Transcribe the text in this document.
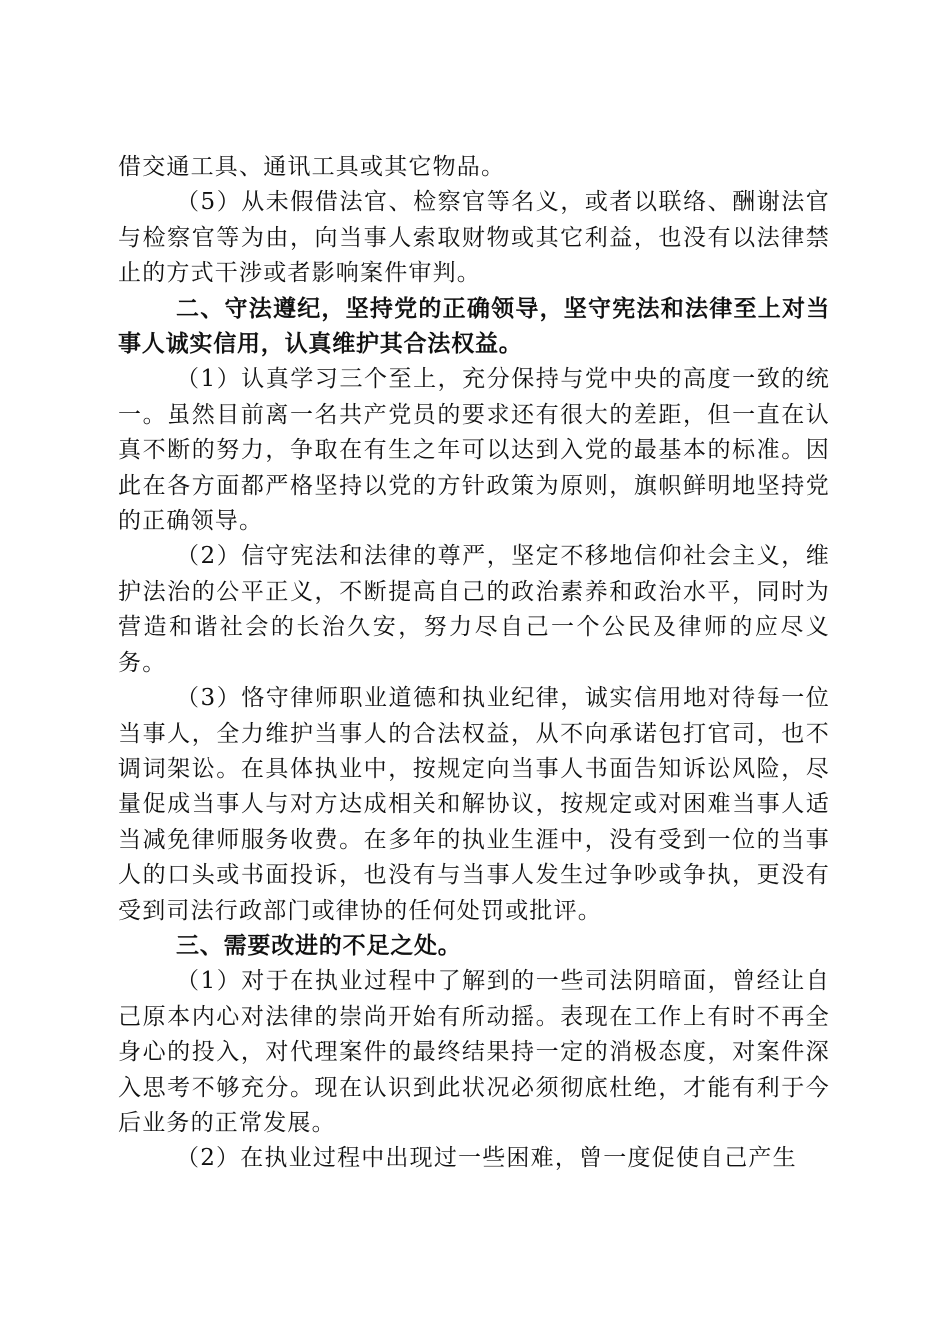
借交通工具、通讯工具或其它物品。

（5）从未假借法官、检察官等名义，或者以联络、酬谢法官与检察官等为由，向当事人索取财物或其它利益，也没有以法律禁止的方式干涉或者影响案件审判。

二、守法遵纪，坚持党的正确领导，坚守宪法和法律至上对当事人诚实信用，认真维护其合法权益。

（1）认真学习三个至上，充分保持与党中央的高度一致的统一。虽然目前离一名共产党员的要求还有很大的差距，但一直在认真不断的努力，争取在有生之年可以达到入党的最基本的标准。因此在各方面都严格坚持以党的方针政策为原则，旗帜鲜明地坚持党的正确领导。

（2）信守宪法和法律的尊严，坚定不移地信仰社会主义，维护法治的公平正义，不断提高自己的政治素养和政治水平，同时为营造和谐社会的长治久安，努力尽自己一个公民及律师的应尽义务。

（3）恪守律师职业道德和执业纪律，诚实信用地对待每一位当事人，全力维护当事人的合法权益，从不向承诺包打官司，也不调词架讼。在具体执业中，按规定向当事人书面告知诉讼风险，尽量促成当事人与对方达成相关和解协议，按规定或对困难当事人适当减免律师服务收费。在多年的执业生涯中，没有受到一位的当事人的口头或书面投诉，也没有与当事人发生过争吵或争执，更没有受到司法行政部门或律协的任何处罚或批评。

三、需要改进的不足之处。

（1）对于在执业过程中了解到的一些司法阴暗面，曾经让自己原本内心对法律的崇尚开始有所动摇。表现在工作上有时不再全身心的投入，对代理案件的最终结果持一定的消极态度，对案件深入思考不够充分。现在认识到此状况必须彻底杜绝，才能有利于今后业务的正常发展。

（2）在执业过程中出现过一些困难，曾一度促使自己产生
